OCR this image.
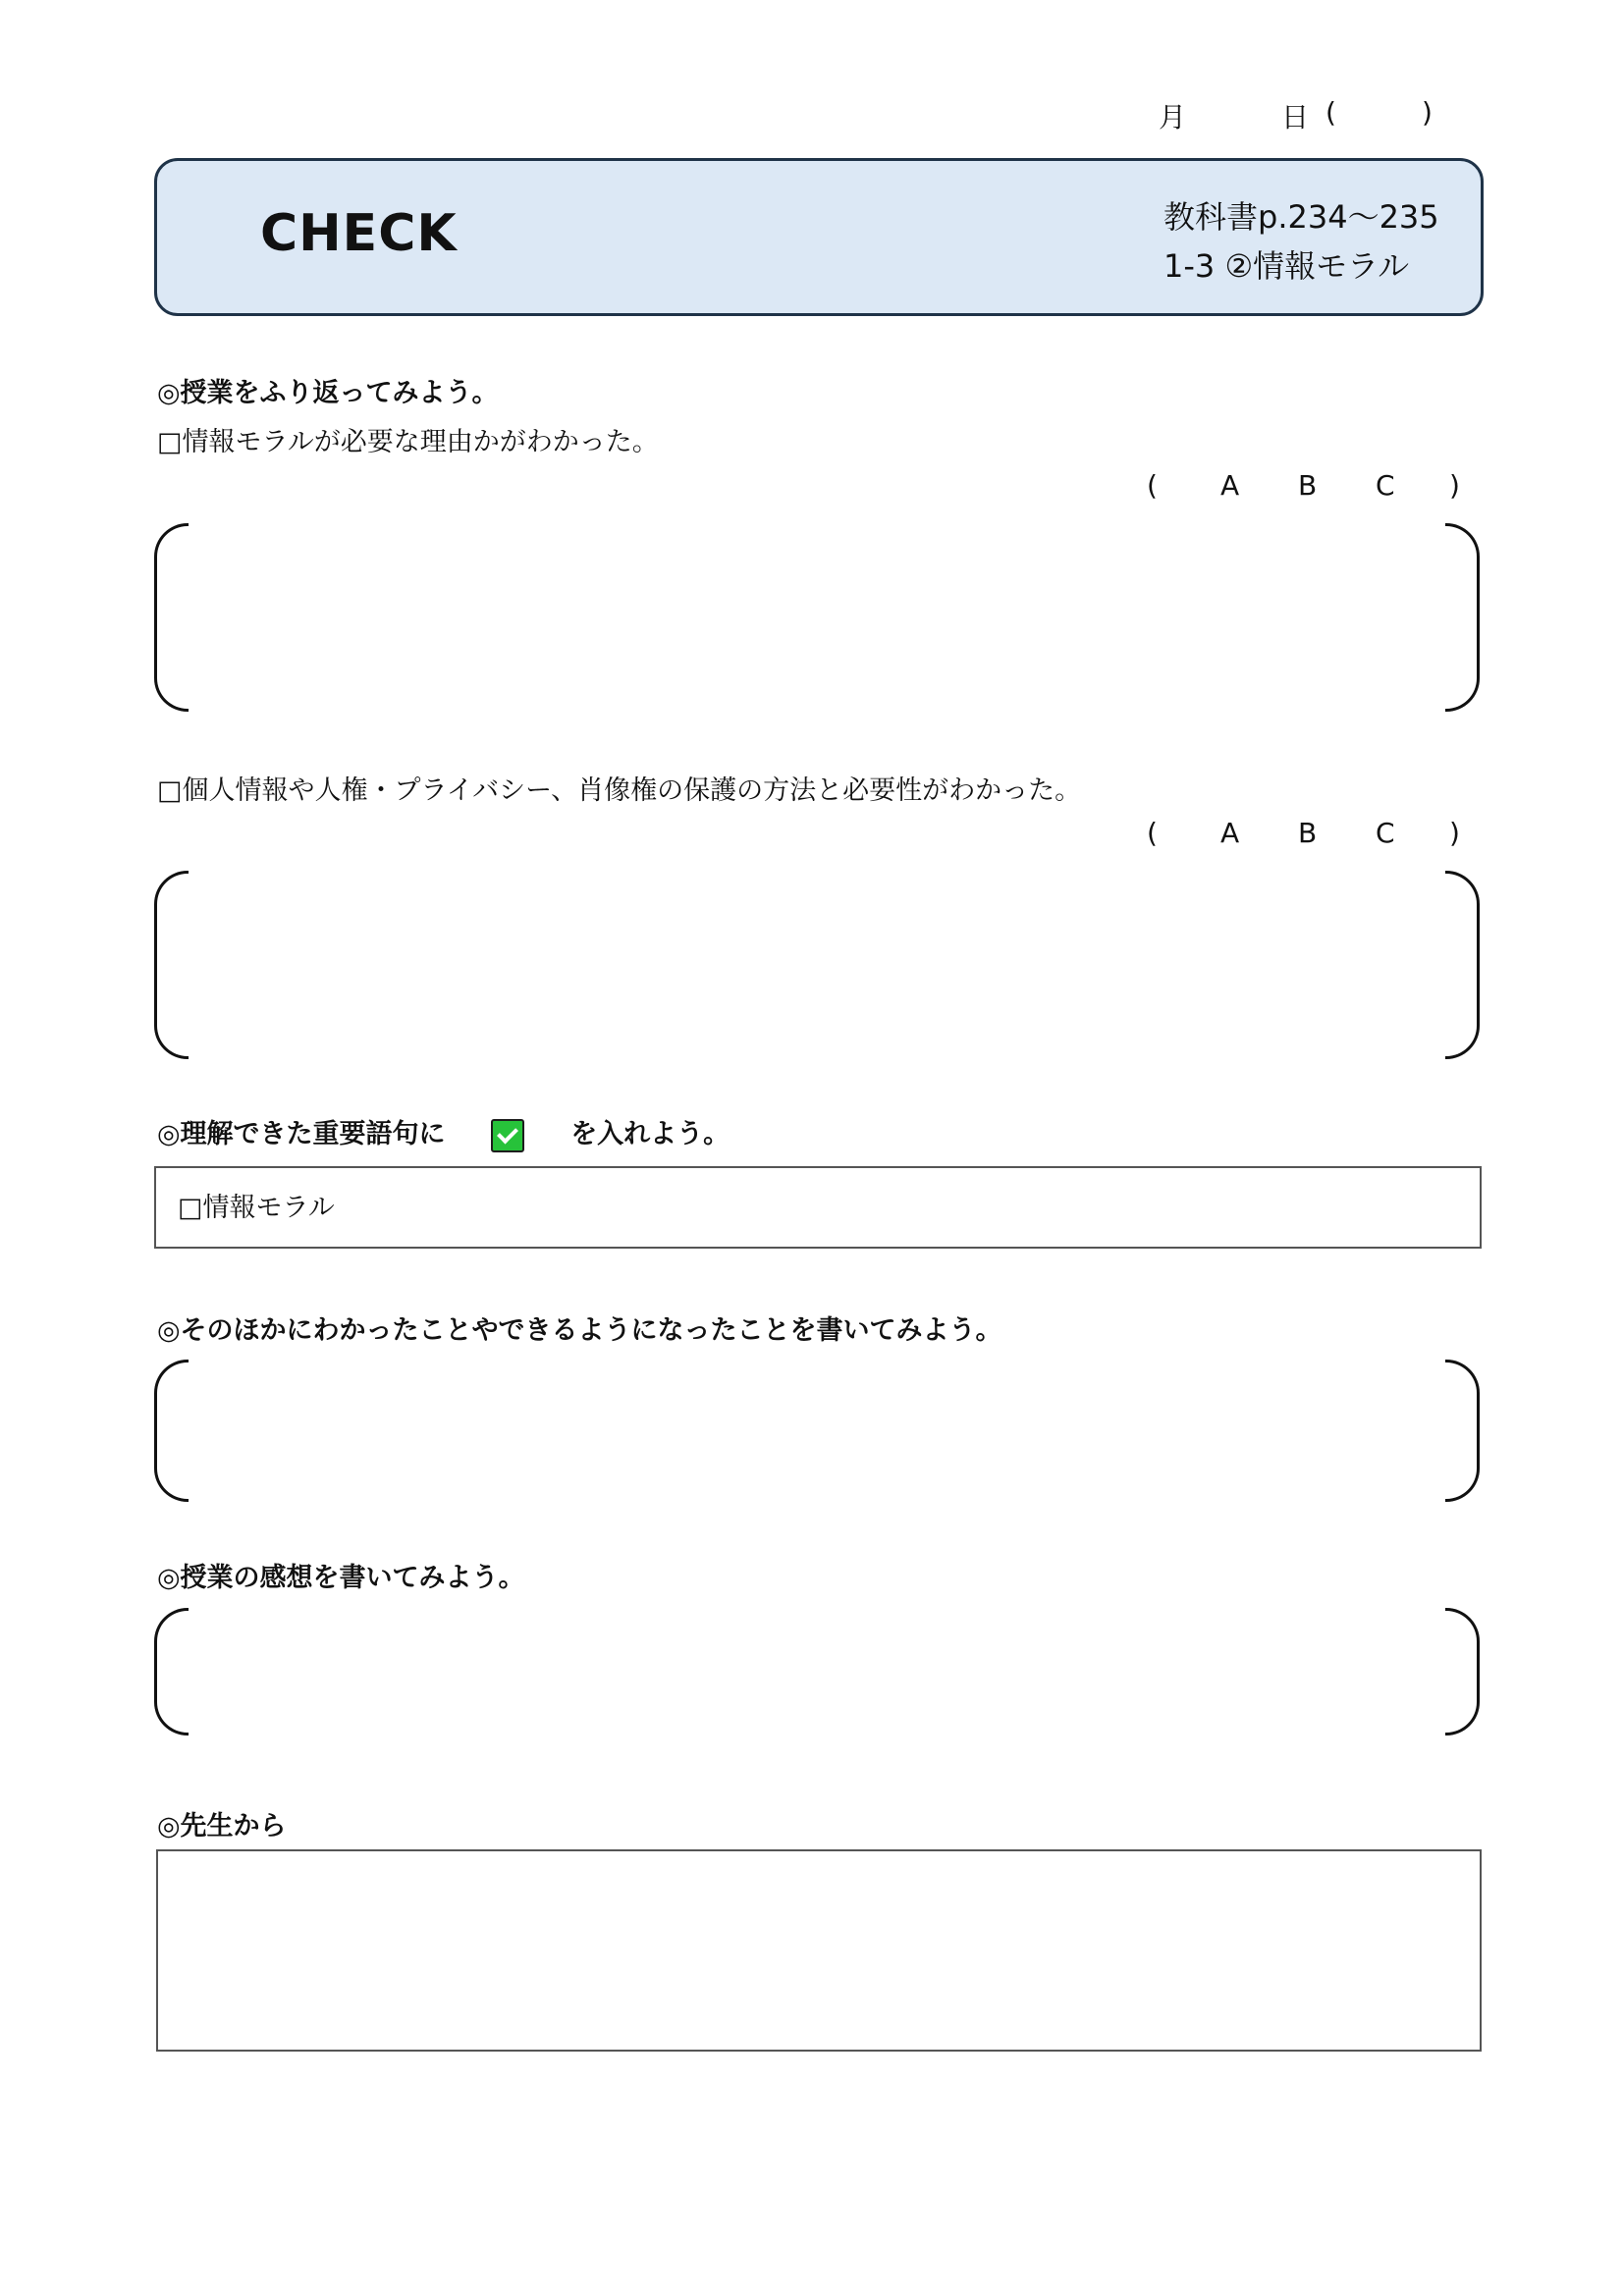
月	日 (	)
CHECK	教科書p.234～235
1-3 ②情報モラル
◎授業をふり返ってみよう。
□情報モラルが必要な理由かがわかった。
( A B C )
□個人情報や人権・プライバシー、肖像権の保護の方法と必要性がわかった。
( A B C )
◎理解できた重要語句に	を入れよう。
□情報モラル
◎そのほかにわかったことやできるようになったことを書いてみよう。
◎授業の感想を書いてみよう。
◎先生から
